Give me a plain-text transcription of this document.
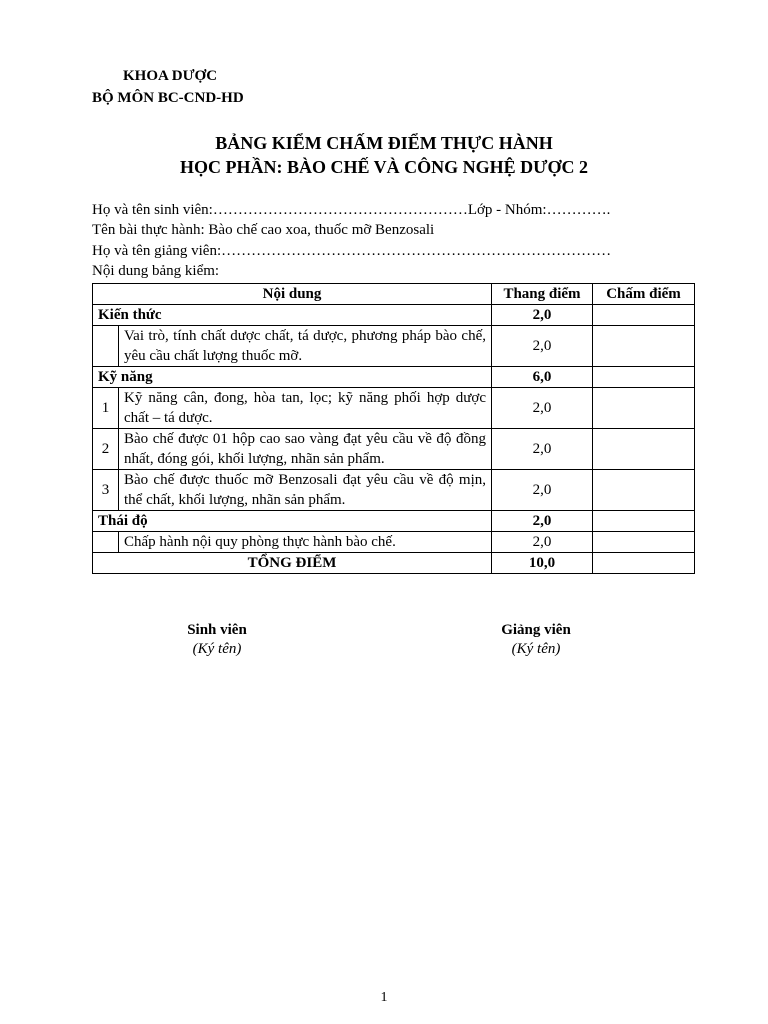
KHOA DƯỢC
BỘ MÔN BC-CND-HD
BẢNG KIỂM CHẤM ĐIỂM THỰC HÀNH
HỌC PHẦN: BÀO CHẾ VÀ CÔNG NGHỆ DƯỢC 2
Họ và tên sinh viên:……………………………………………Lớp - Nhóm:………….
Tên bài thực hành: Bào chế cao xoa, thuốc mỡ Benzosali
Họ và tên giảng viên:……………………………………………………………………
Nội dung bảng kiểm:
Nội dung		Thang điểm	Chấm điểm
Kiến thức		2,0	
	Vai trò, tính chất dược chất, tá dược, phương pháp bào chế, yêu cầu chất lượng thuốc mỡ.	2,0	
Kỹ năng		6,0	
1	Kỹ năng cân, đong, hòa tan, lọc; kỹ năng phối hợp dược chất – tá dược.	2,0	
2	Bào chế được 01 hộp cao sao vàng đạt yêu cầu về độ đồng nhất, đóng gói, khối lượng, nhãn sản phẩm.	2,0	
3	Bào chế được thuốc mỡ Benzosali đạt yêu cầu về độ mịn, thể chất, khối lượng, nhãn sản phẩm.	2,0	
Thái độ		2,0	
	Chấp hành nội quy phòng thực hành bào chế.	2,0	
TỔNG ĐIỂM		10,0	
Sinh viên
(Ký tên)
Giảng viên
(Ký tên)
1
